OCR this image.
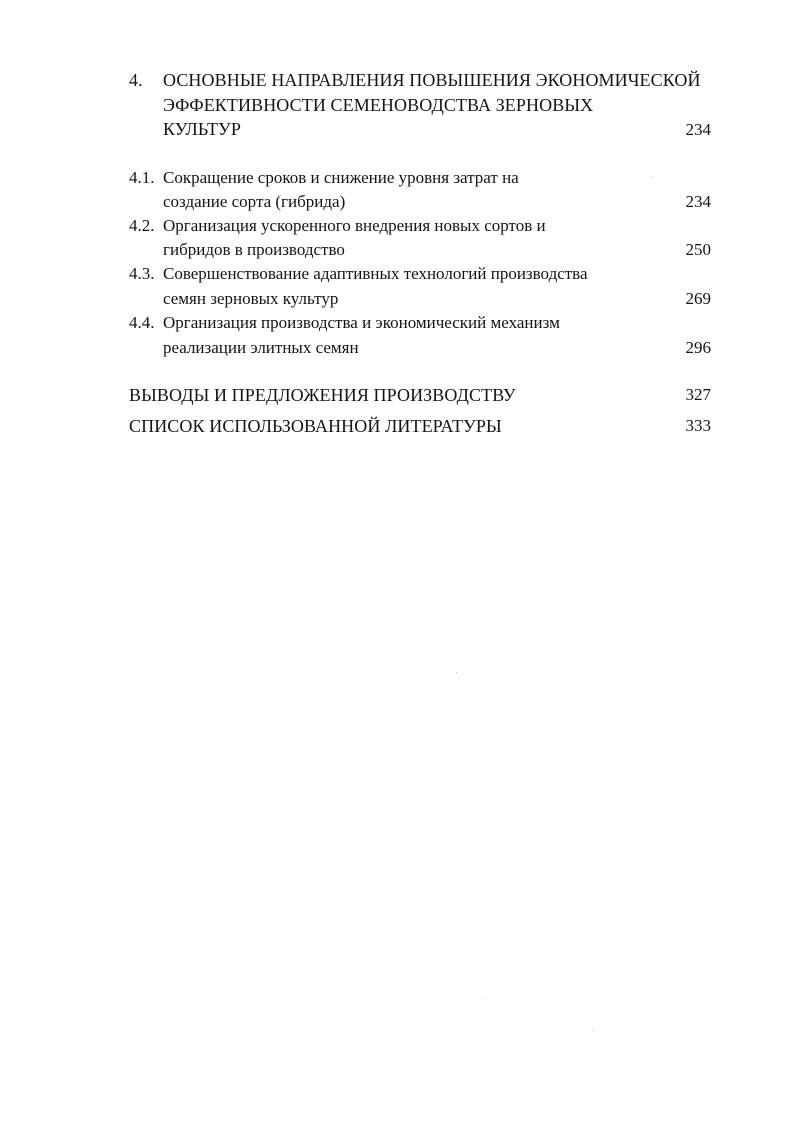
4. ОСНОВНЫЕ НАПРАВЛЕНИЯ ПОВЫШЕНИЯ ЭКОНОМИЧЕСКОЙ
ЭФФЕКТИВНОСТИ СЕМЕНОВОДСТВА ЗЕРНОВЫХ
КУЛЬТУР	234
4.1. Сокращение сроков и снижение уровня затрат на
создание сорта (гибрида)	234
4.2. Организация ускоренного внедрения новых сортов и
гибридов в производство	250
4.3. Совершенствование адаптивных технологий производства
семян зерновых культур	269
4.4. Организация производства и экономический механизм
реализации элитных семян	296
ВЫВОДЫ И ПРЕДЛОЖЕНИЯ ПРОИЗВОДСТВУ	327
СПИСОК ИСПОЛЬЗОВАННОЙ ЛИТЕРАТУРЫ	333
